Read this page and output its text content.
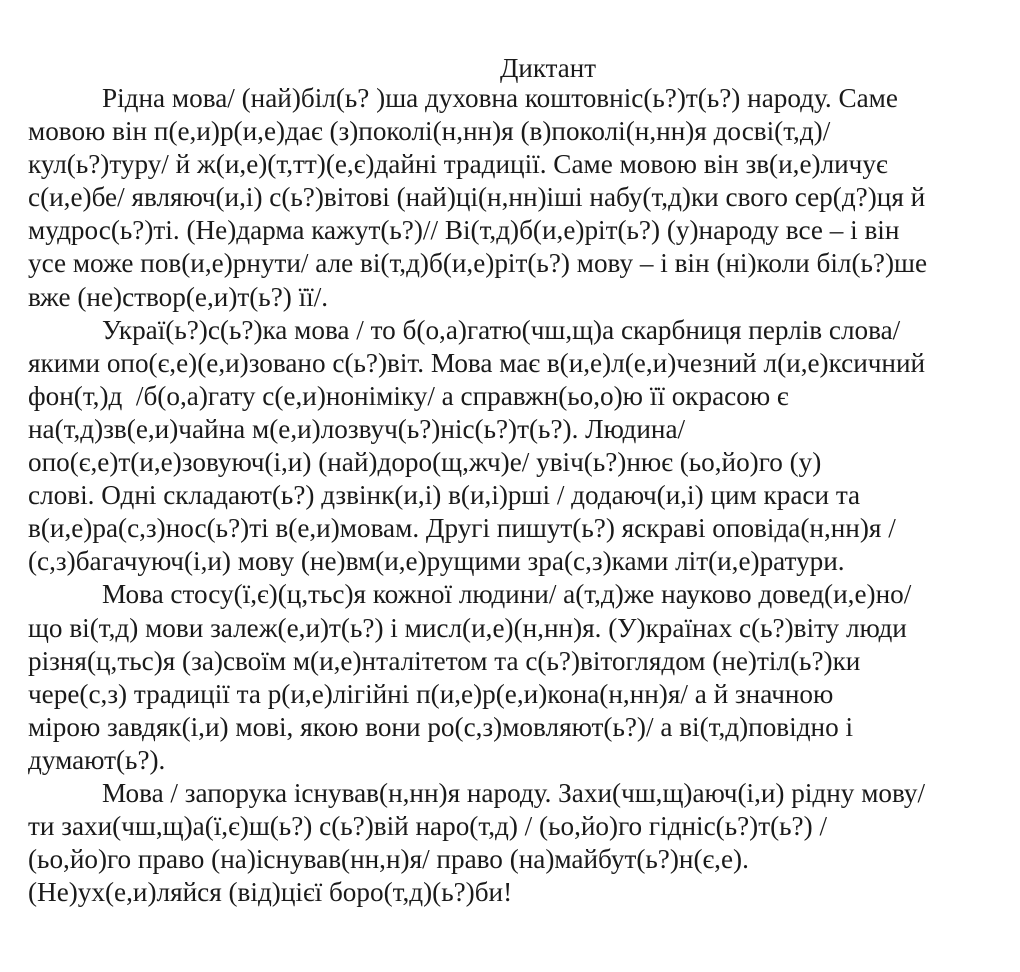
Диктант
Рідна мова/ (най)біл(ь? )ша духовна коштовніс(ь?)т(ь?) народу. Саме
мовою він п(е,и)р(и,е)дає (з)поколі(н,нн)я (в)поколі(н,нн)я досві(т,д)/
кул(ь?)туру/ й ж(и,е)(т,тт)(е,є)дайні традиції. Саме мовою він зв(и,е)личує
с(и,е)бе/ являюч(и,і) с(ь?)вітові (най)ці(н,нн)іші набу(т,д)ки свого сер(д?)ця й
мудрос(ь?)ті. (Не)дарма кажут(ь?)// Ві(т,д)б(и,е)ріт(ь?) (у)народу все – і він
усе може пов(и,е)рнути/ але ві(т,д)б(и,е)ріт(ь?) мову – і він (ні)коли біл(ь?)ше
вже (не)створ(е,и)т(ь?) її/.
Украї(ь?)с(ь?)ка мова / то б(о,а)гатю(чш,щ)а скарбниця перлів слова/
якими опо(є,е)(е,и)зовано с(ь?)віт. Мова має в(и,е)л(е,и)чезний л(и,е)ксичний
фон(т,)д  /б(о,а)гату с(е,и)ноніміку/ а справжн(ьо,о)ю її окрасою є
на(т,д)зв(е,и)чайна м(е,и)лозвуч(ь?)ніс(ь?)т(ь?). Людина/
опо(є,е)т(и,е)зовуюч(і,и) (най)доро(щ,жч)е/ увіч(ь?)нює (ьо,йо)го (у)
слові. Одні складают(ь?) дзвінк(и,і) в(и,і)рші / додаюч(и,і) цим краси та
в(и,е)ра(с,з)нос(ь?)ті в(е,и)мовам. Другі пишут(ь?) яскраві оповіда(н,нн)я /
(с,з)багачуюч(і,и) мову (не)вм(и,е)рущими зра(с,з)ками літ(и,е)ратури.
Мова стосу(ї,є)(ц,тьс)я кожної людини/ а(т,д)же науково довед(и,е)но/
що ві(т,д) мови залеж(е,и)т(ь?) і мисл(и,е)(н,нн)я. (У)країнах с(ь?)віту люди
різня(ц,тьс)я (за)своїм м(и,е)нталітетом та с(ь?)вітоглядом (не)тіл(ь?)ки
чере(с,з) традиції та р(и,е)лігійні п(и,е)р(е,и)кона(н,нн)я/ а й значною
мірою завдяк(і,и) мові, якою вони ро(с,з)мовляют(ь?)/ а ві(т,д)повідно і
думают(ь?).
Мова / запорука існував(н,нн)я народу. Захи(чш,щ)аюч(і,и) рідну мову/
ти захи(чш,щ)а(ї,є)ш(ь?) с(ь?)вій наро(т,д) / (ьо,йо)го гідніс(ь?)т(ь?) /
(ьо,йо)го право (на)існував(нн,н)я/ право (на)майбут(ь?)н(є,е).
(Не)ух(е,и)ляйся (від)цієї боро(т,д)(ь?)би!
